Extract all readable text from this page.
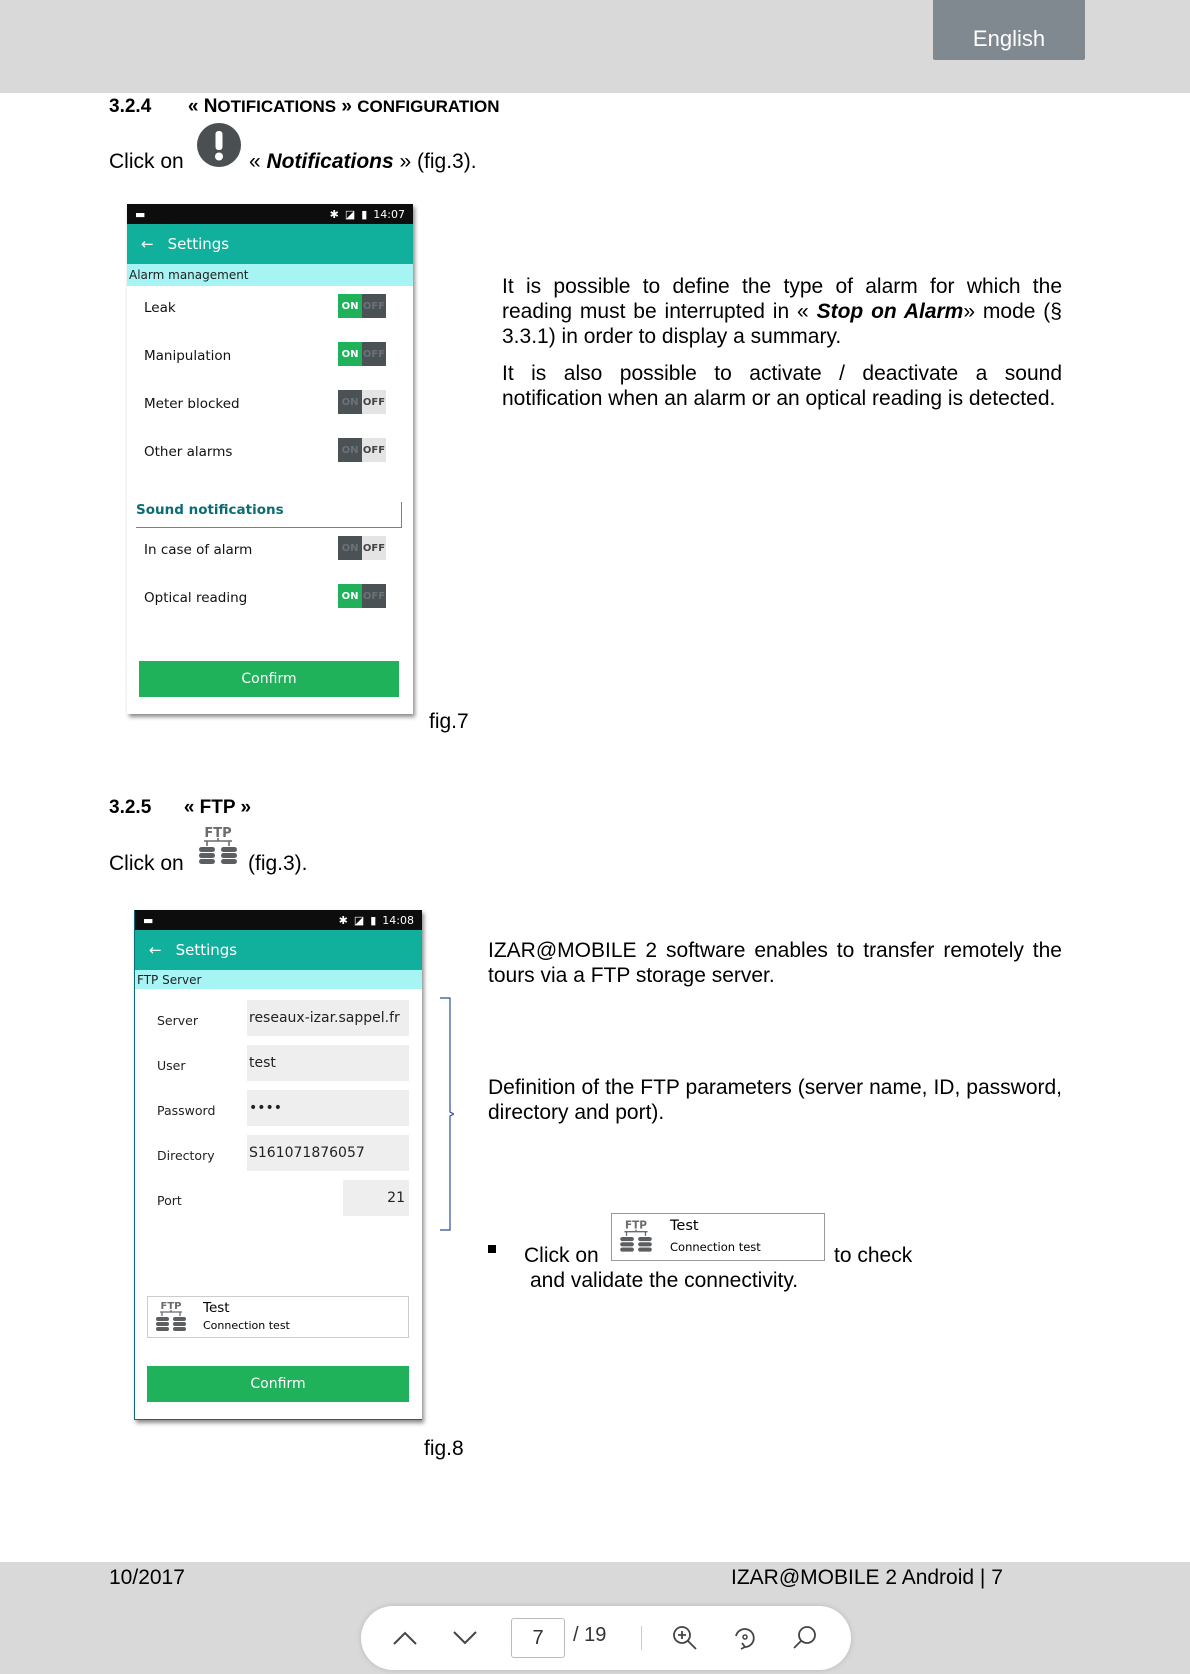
English
3.2.4 « NOTIFICATIONS » CONFIGURATION
Click on	« Notifications » (fig.3).
▬	✱ ◪ ▮ 14:07
← Settings
Alarm management
Leak	ON OFF
Manipulation	ON OFF
Meter blocked	ON OFF
Other alarms	ON OFF
Sound notifications
In case of alarm	ON OFF
Optical reading	ON OFF
Confirm
It is possible to define the type of alarm for which the reading must be interrupted in « Stop on Alarm» mode (§ 3.3.1) in order to display a summary.
It is also possible to activate / deactivate a sound notification when an alarm or an optical reading is detected.
fig.7
3.2.5 « FTP »
Click on
FTP
(fig.3).
▬	✱ ◪ ▮ 14:08
← Settings
FTP Server
Server	reseaux-izar.sappel.fr
User	test
Password ••••
Directory S161071876057
Port	21
FTP Test
Connection test
Confirm
IZAR@MOBILE 2 software enables to transfer remotely the tours via a FTP storage server.
Definition of the FTP parameters (server name, ID, password, directory and port).
Click on
FTP Test
Connection test	to check
and validate the connectivity.
fig.8
10/2017	IZAR@MOBILE 2 Android | 7
7	/ 19
